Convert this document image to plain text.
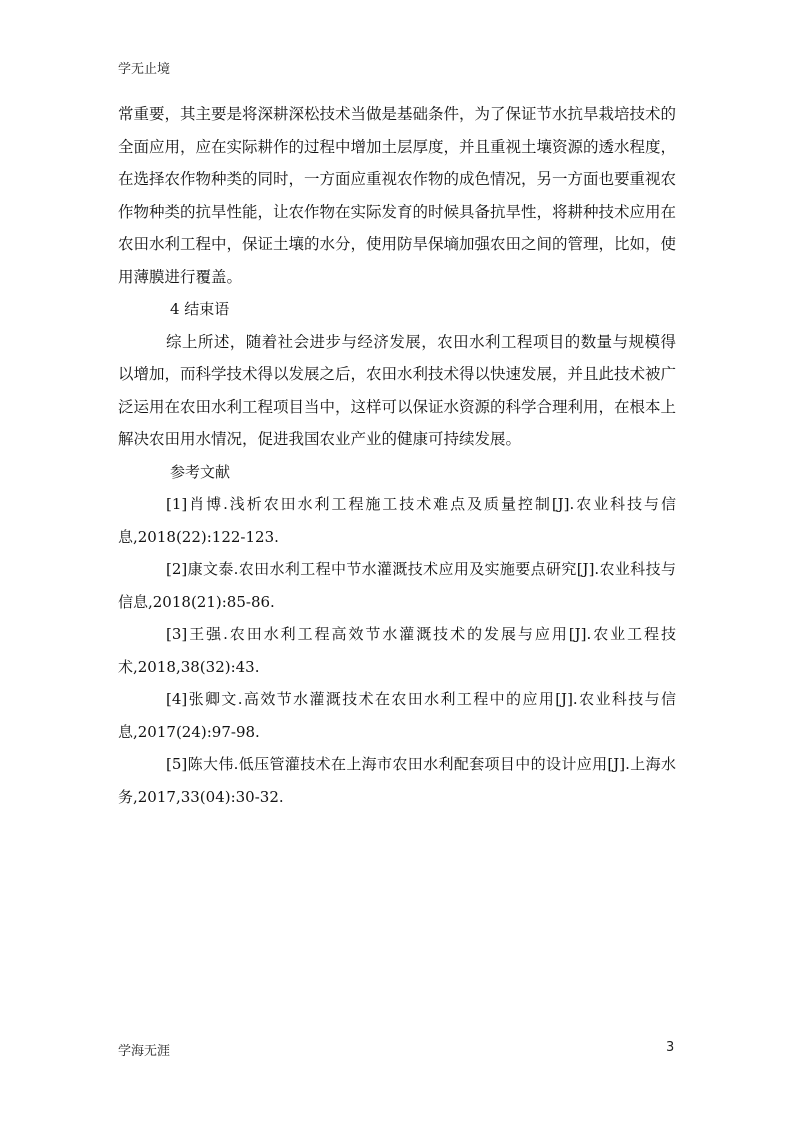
学无止境

常重要，其主要是将深耕深松技术当做是基础条件，为了保证节水抗旱栽培技术的全面应用，应在实际耕作的过程中增加土层厚度，并且重视土壤资源的透水程度，在选择农作物种类的同时，一方面应重视农作物的成色情况，另一方面也要重视农作物种类的抗旱性能，让农作物在实际发育的时候具备抗旱性，将耕种技术应用在农田水利工程中，保证土壤的水分，使用防旱保墒加强农田之间的管理，比如，使用薄膜进行覆盖。

4 结束语

综上所述，随着社会进步与经济发展，农田水利工程项目的数量与规模得以增加，而科学技术得以发展之后，农田水利技术得以快速发展，并且此技术被广泛运用在农田水利工程项目当中，这样可以保证水资源的科学合理利用，在根本上解决农田用水情况，促进我国农业产业的健康可持续发展。

参考文献

[1]肖博.浅析农田水利工程施工技术难点及质量控制[J].农业科技与信息,2018(22):122-123.

[2]康文泰.农田水利工程中节水灌溉技术应用及实施要点研究[J].农业科技与信息,2018(21):85-86.

[3]王强.农田水利工程高效节水灌溉技术的发展与应用[J].农业工程技术,2018,38(32):43.

[4]张卿文.高效节水灌溉技术在农田水利工程中的应用[J].农业科技与信息,2017(24):97-98.

[5]陈大伟.低压管灌技术在上海市农田水利配套项目中的设计应用[J].上海水务,2017,33(04):30-32.

学海无涯	3
